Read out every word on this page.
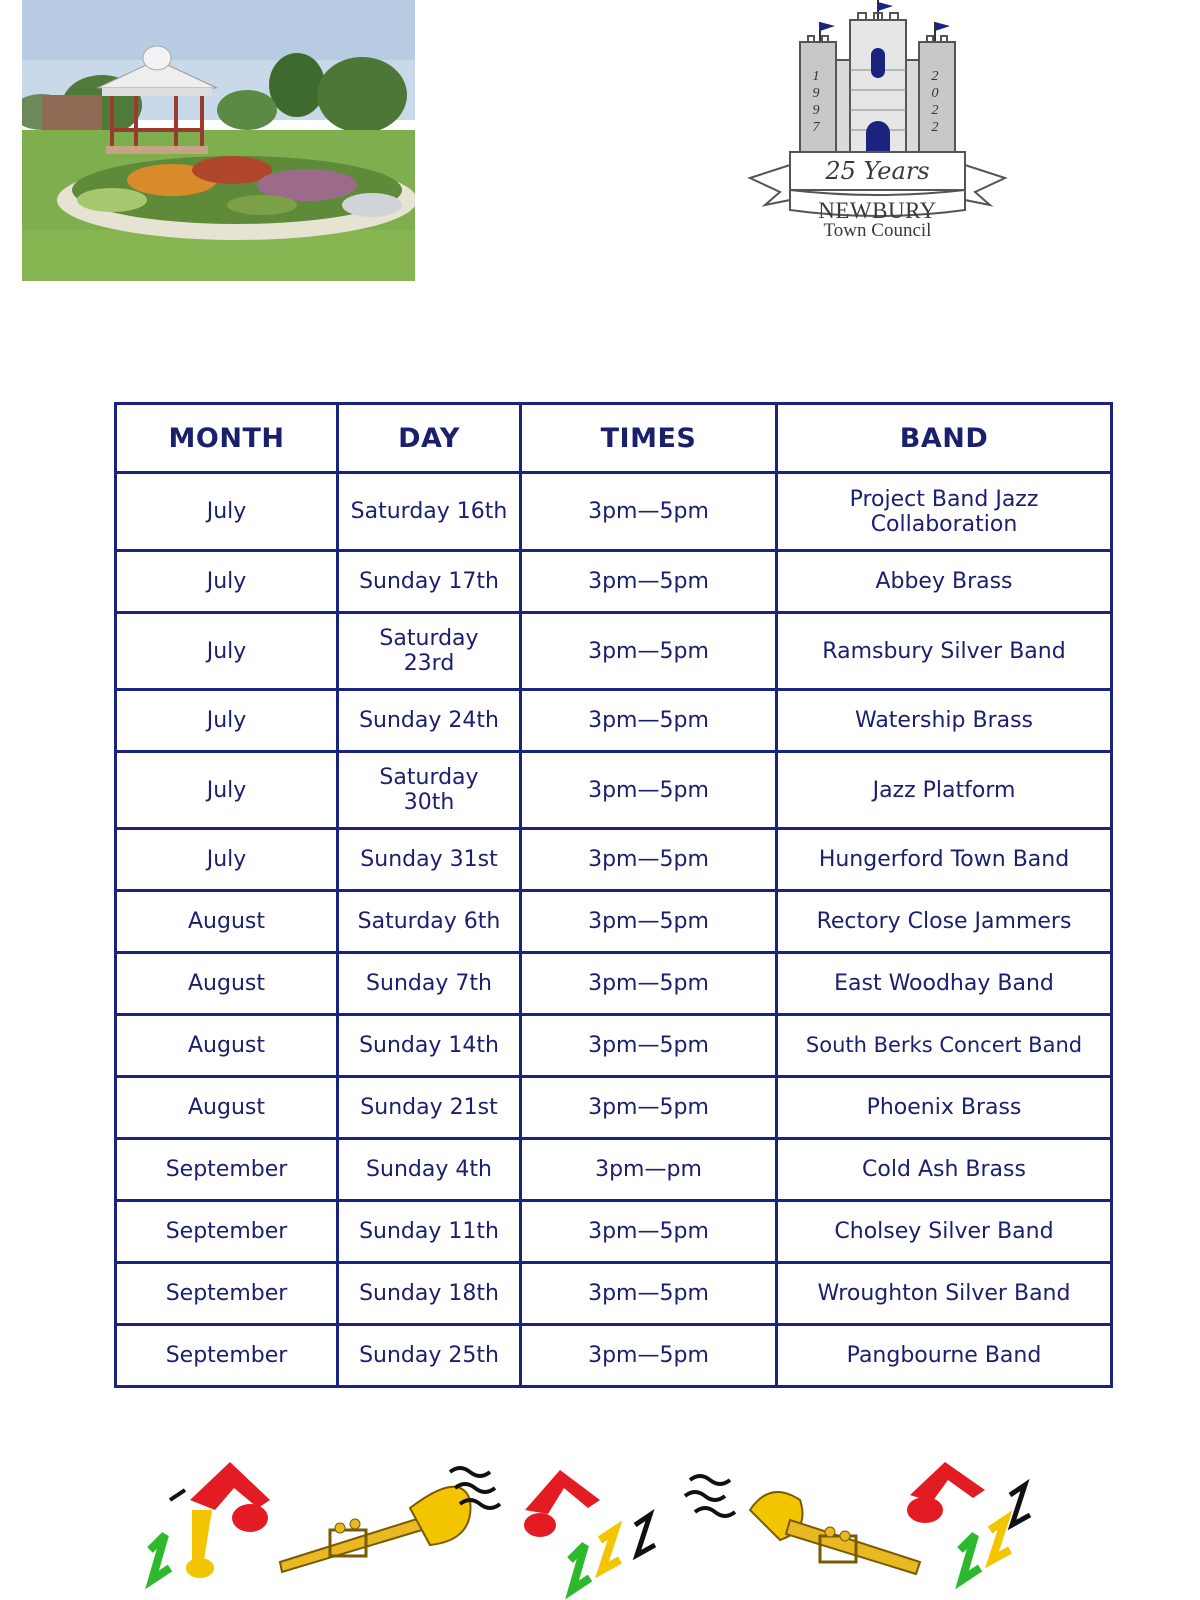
1
9
9
7
2
0
2
2
25 Years
NEWBURY
Town Council
MONTH	DAY	TIMES	BAND
July	Saturday 16th	3pm—5pm	Project Band Jazz Collaboration
July	Sunday 17th	3pm—5pm	Abbey Brass
July	Saturday 23rd	3pm—5pm	Ramsbury Silver Band
July	Sunday 24th	3pm—5pm	Watership Brass
July	Saturday 30th	3pm—5pm	Jazz Platform
July	Sunday 31st	3pm—5pm	Hungerford Town Band
August	Saturday 6th	3pm—5pm	Rectory Close Jammers
August	Sunday 7th	3pm—5pm	East Woodhay Band
August	Sunday 14th	3pm—5pm	South Berks Concert Band
August	Sunday 21st	3pm—5pm	Phoenix Brass
September	Sunday 4th	3pm—pm	Cold Ash Brass
September	Sunday 11th	3pm—5pm	Cholsey Silver Band
September	Sunday 18th	3pm—5pm	Wroughton Silver Band
September	Sunday 25th	3pm—5pm	Pangbourne Band
